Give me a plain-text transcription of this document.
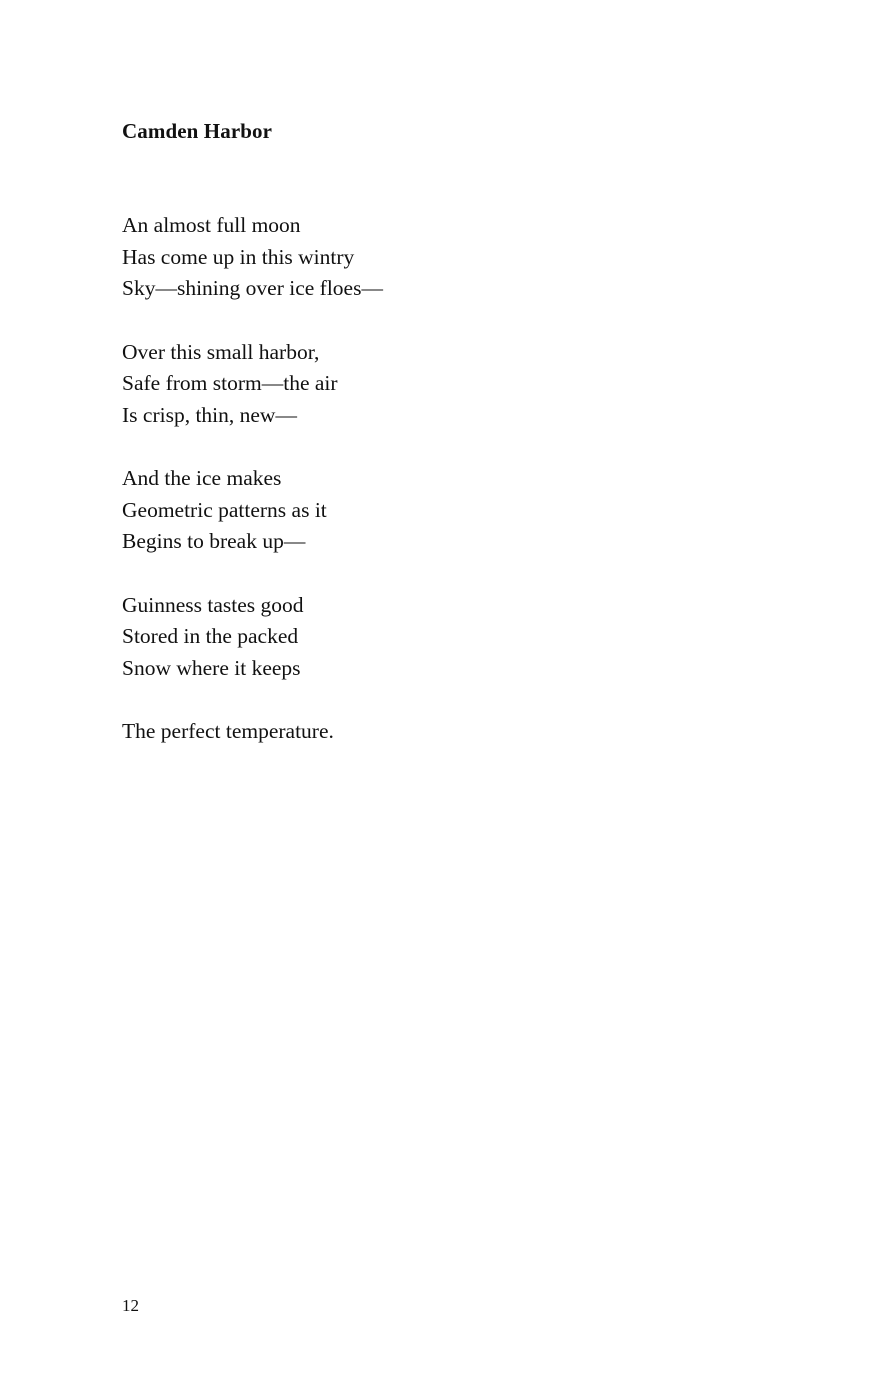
Camden Harbor
An almost full moon
Has come up in this wintry
Sky—shining over ice floes—
Over this small harbor,
Safe from storm—the air
Is crisp, thin, new—
And the ice makes
Geometric patterns as it
Begins to break up—
Guinness tastes good
Stored in the packed
Snow where it keeps
The perfect temperature.
12
